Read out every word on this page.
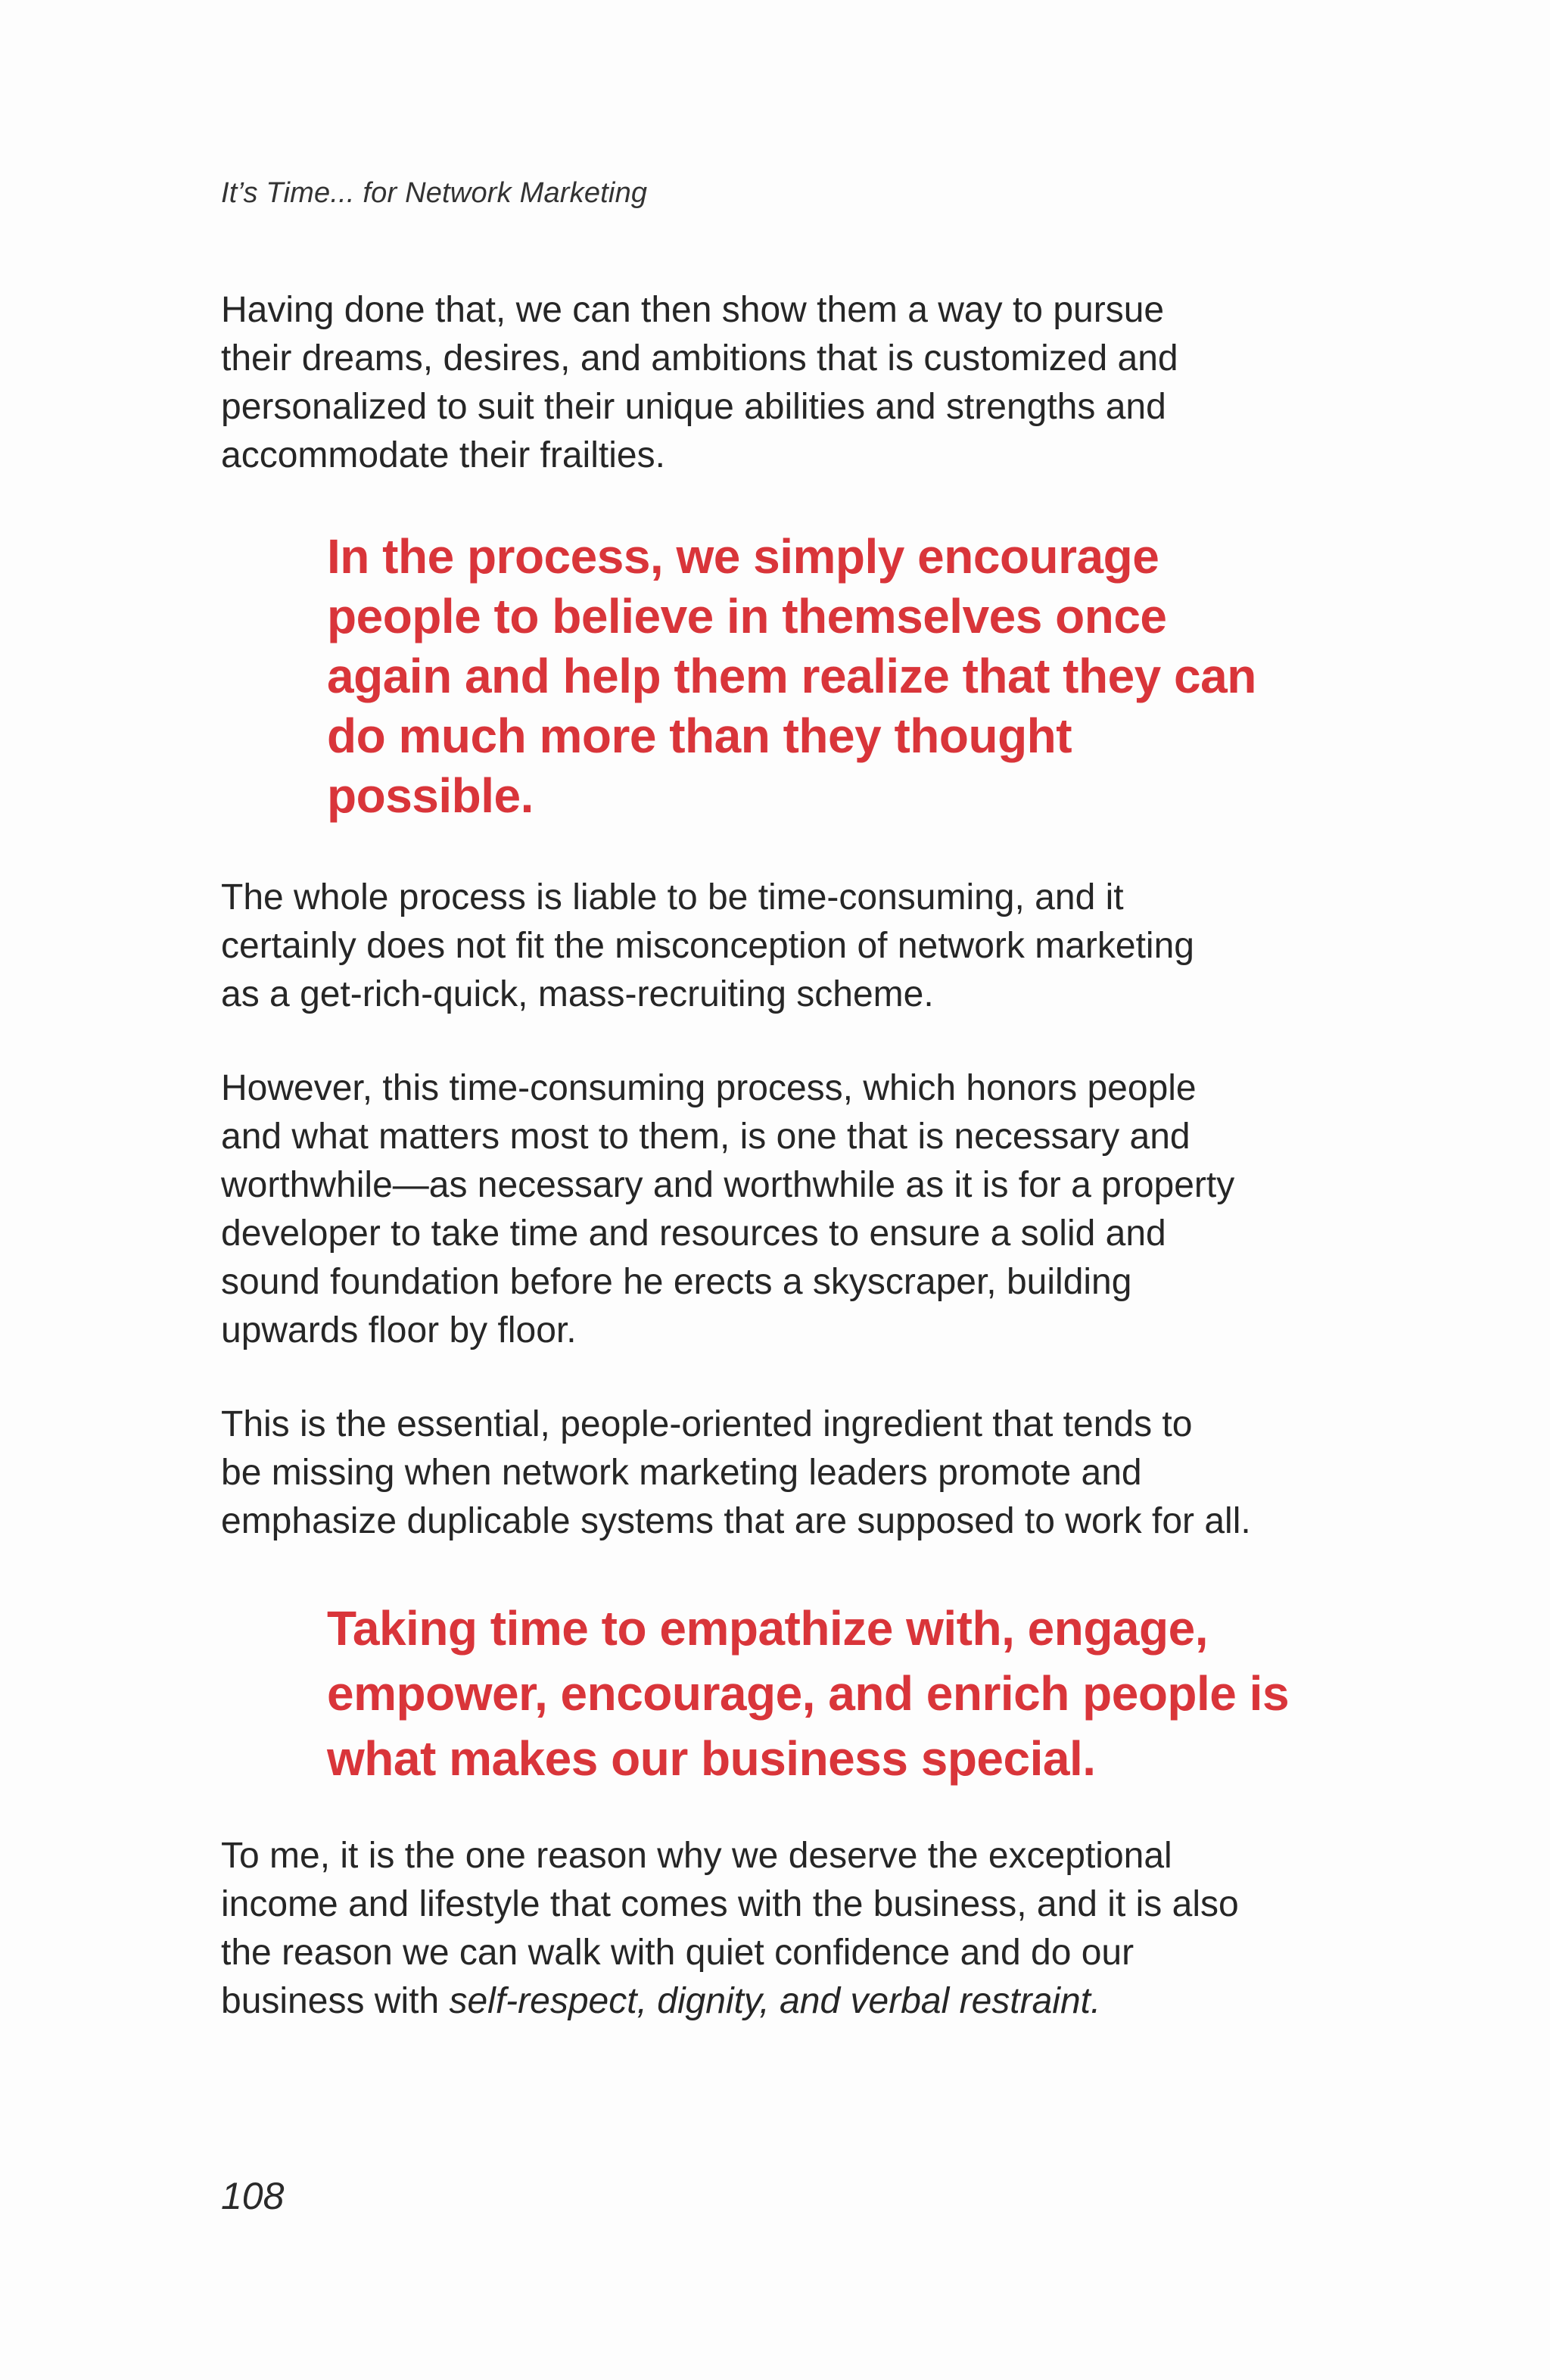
It’s Time... for Network Marketing

Having done that, we can then show them a way to pursue
their dreams, desires, and ambitions that is customized and
personalized to suit their unique abilities and strengths and
accommodate their frailties.

In the process, we simply encourage
people to believe in themselves once
again and help them realize that they can
do much more than they thought
possible.

The whole process is liable to be time-consuming, and it
certainly does not fit the misconception of network marketing
as a get-rich-quick, mass-recruiting scheme.

However, this time-consuming process, which honors people
and what matters most to them, is one that is necessary and
worthwhile—as necessary and worthwhile as it is for a property
developer to take time and resources to ensure a solid and
sound foundation before he erects a skyscraper, building
upwards floor by floor.

This is the essential, people-oriented ingredient that tends to
be missing when network marketing leaders promote and
emphasize duplicable systems that are supposed to work for all.

Taking time to empathize with, engage,
empower, encourage, and enrich people is
what makes our business special.

To me, it is the one reason why we deserve the exceptional
income and lifestyle that comes with the business, and it is also
the reason we can walk with quiet confidence and do our
business with self-respect, dignity, and verbal restraint.

108
